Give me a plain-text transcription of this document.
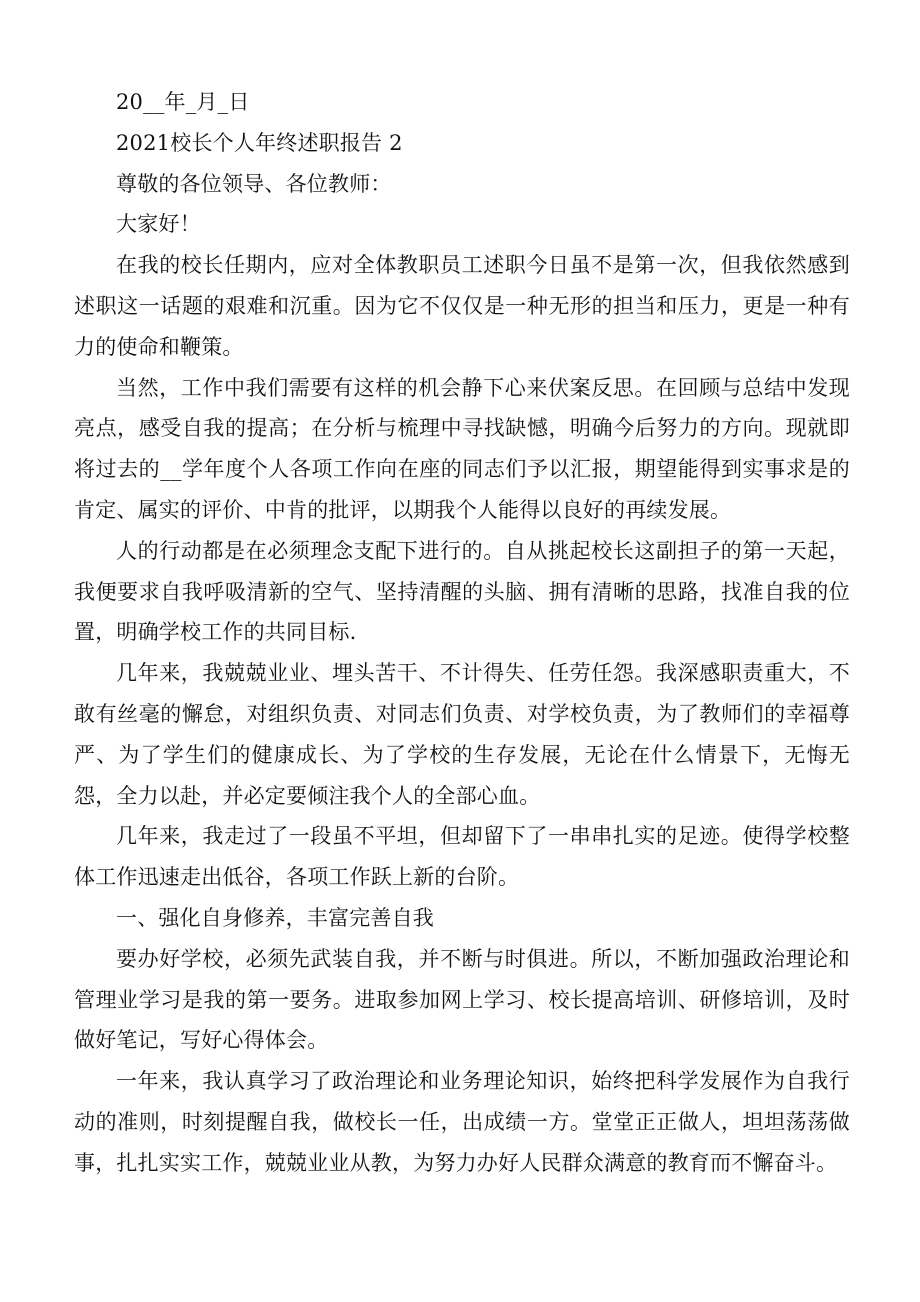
20__年_月_日

2021校长个人年终述职报告 2

尊敬的各位领导、各位教师：

大家好！

在我的校长任期内，应对全体教职员工述职今日虽不是第一次，但我依然感到述职这一话题的艰难和沉重。因为它不仅仅是一种无形的担当和压力，更是一种有力的使命和鞭策。

当然，工作中我们需要有这样的机会静下心来伏案反思。在回顾与总结中发现亮点，感受自我的提高；在分析与梳理中寻找缺憾，明确今后努力的方向。现就即将过去的__学年度个人各项工作向在座的同志们予以汇报，期望能得到实事求是的肯定、属实的评价、中肯的批评，以期我个人能得以良好的再续发展。

人的行动都是在必须理念支配下进行的。自从挑起校长这副担子的第一天起，我便要求自我呼吸清新的空气、坚持清醒的头脑、拥有清晰的思路，找准自我的位置，明确学校工作的共同目标.

几年来，我兢兢业业、埋头苦干、不计得失、任劳任怨。我深感职责重大，不敢有丝毫的懈怠，对组织负责、对同志们负责、对学校负责，为了教师们的幸福尊严、为了学生们的健康成长、为了学校的生存发展，无论在什么情景下，无悔无怨，全力以赴，并必定要倾注我个人的全部心血。

几年来，我走过了一段虽不平坦，但却留下了一串串扎实的足迹。使得学校整体工作迅速走出低谷，各项工作跃上新的台阶。

一、强化自身修养，丰富完善自我

要办好学校，必须先武装自我，并不断与时俱进。所以，不断加强政治理论和管理业学习是我的第一要务。进取参加网上学习、校长提高培训、研修培训，及时做好笔记，写好心得体会。

一年来，我认真学习了政治理论和业务理论知识，始终把科学发展作为自我行动的准则，时刻提醒自我，做校长一任，出成绩一方。堂堂正正做人，坦坦荡荡做事，扎扎实实工作，兢兢业业从教，为努力办好人民群众满意的教育而不懈奋斗。
